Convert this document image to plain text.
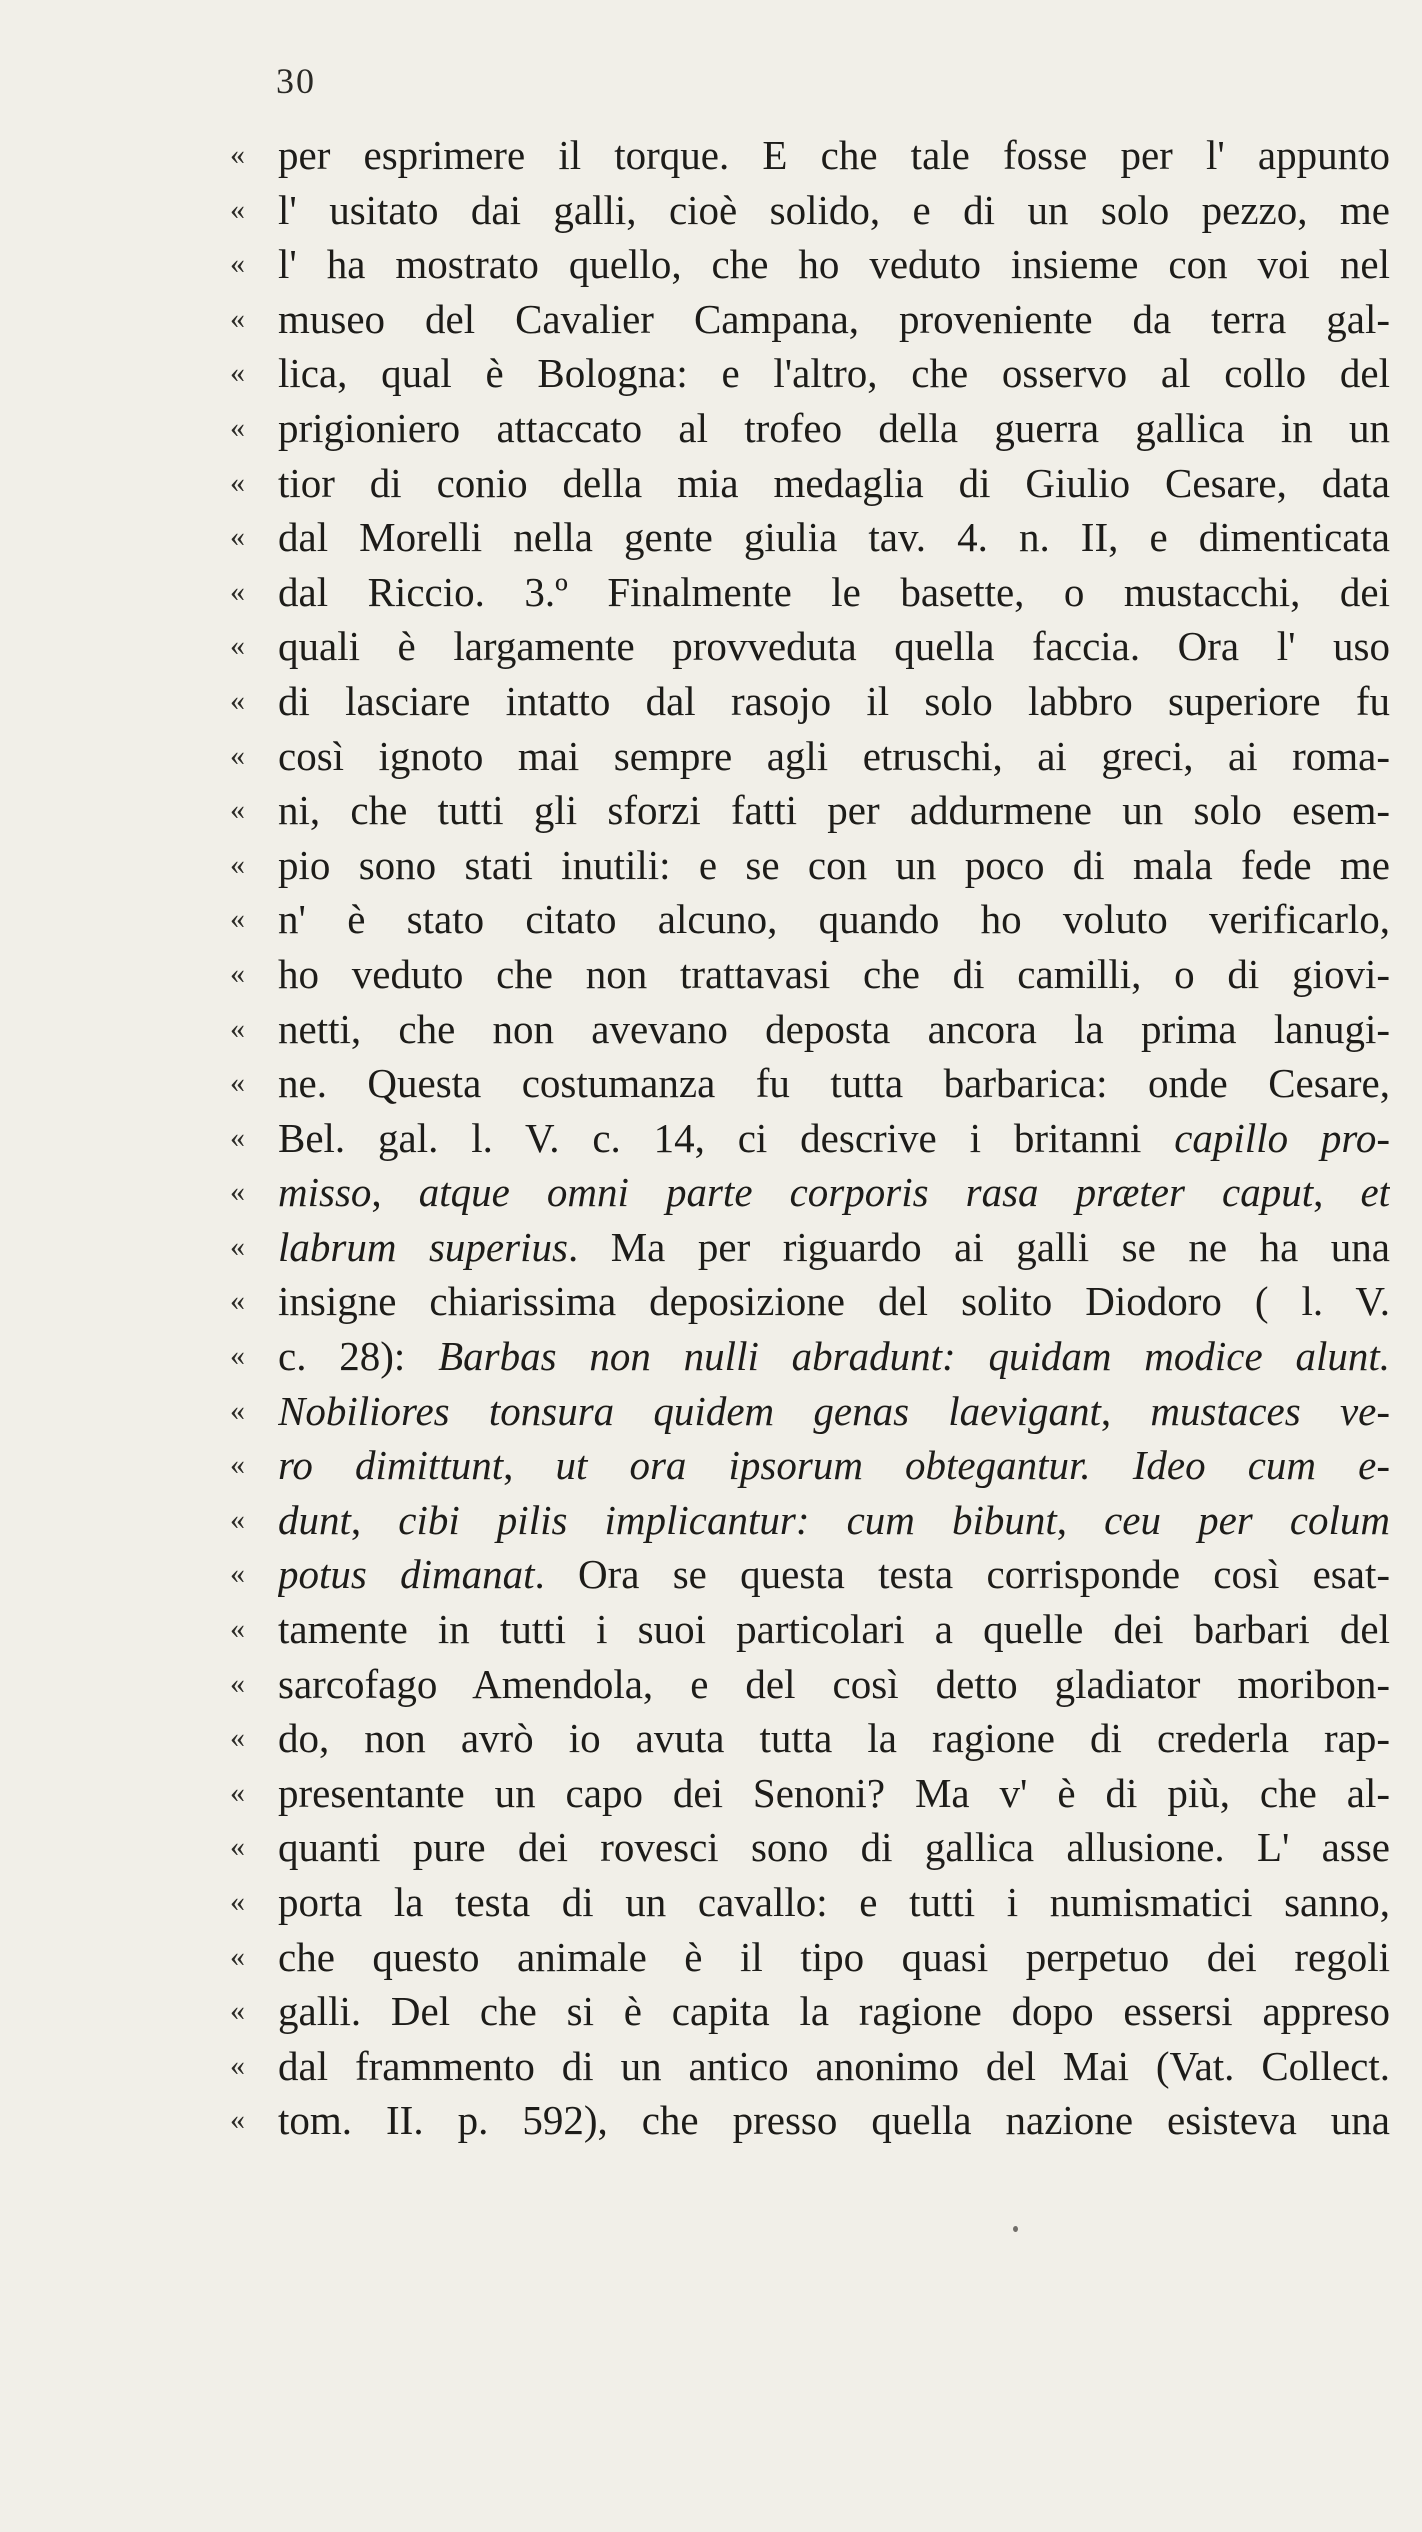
30
« per esprimere il torque. E che tale fosse per l' appunto
« l' usitato dai galli, cioè solido, e di un solo pezzo, me
« l' ha mostrato quello, che ho veduto insieme con voi nel
« museo del Cavalier Campana, proveniente da terra gal-
« lica, qual è Bologna: e l'altro, che osservo al collo del
« prigioniero attaccato al trofeo della guerra gallica in un
« tior di conio della mia medaglia di Giulio Cesare, data
« dal Morelli nella gente giulia tav. 4. n. II, e dimenticata
« dal Riccio. 3.º Finalmente le basette, o mustacchi, dei
« quali è largamente provveduta quella faccia. Ora l' uso
« di lasciare intatto dal rasojo il solo labbro superiore fu
« così ignoto mai sempre agli etruschi, ai greci, ai roma-
« ni, che tutti gli sforzi fatti per addurmene un solo esem-
« pio sono stati inutili: e se con un poco di mala fede me
« n' è stato citato alcuno, quando ho voluto verificarlo,
« ho veduto che non trattavasi che di camilli, o di giovi-
« netti, che non avevano deposta ancora la prima lanugi-
« ne. Questa costumanza fu tutta barbarica: onde Cesare,
« Bel. gal. l. V. c. 14, ci descrive i britanni capillo pro-
« misso, atque omni parte corporis rasa præter caput, et
« labrum superius. Ma per riguardo ai galli se ne ha una
« insigne chiarissima deposizione del solito Diodoro ( l. V.
« c. 28): Barbas non nulli abradunt: quidam modice alunt.
« Nobiliores tonsura quidem genas laevigant, mustaces ve-
« ro dimittunt, ut ora ipsorum obtegantur. Ideo cum e-
« dunt, cibi pilis implicantur: cum bibunt, ceu per colum
« potus dimanat. Ora se questa testa corrisponde così esat-
« tamente in tutti i suoi particolari a quelle dei barbari del
« sarcofago Amendola, e del così detto gladiator moribon-
« do, non avrò io avuta tutta la ragione di crederla rap-
« presentante un capo dei Senoni? Ma v' è di più, che al-
« quanti pure dei rovesci sono di gallica allusione. L' asse
« porta la testa di un cavallo: e tutti i numismatici sanno,
« che questo animale è il tipo quasi perpetuo dei regoli
« galli. Del che si è capita la ragione dopo essersi appreso
« dal frammento di un antico anonimo del Mai (Vat. Collect.
« tom. II. p. 592), che presso quella nazione esisteva una
